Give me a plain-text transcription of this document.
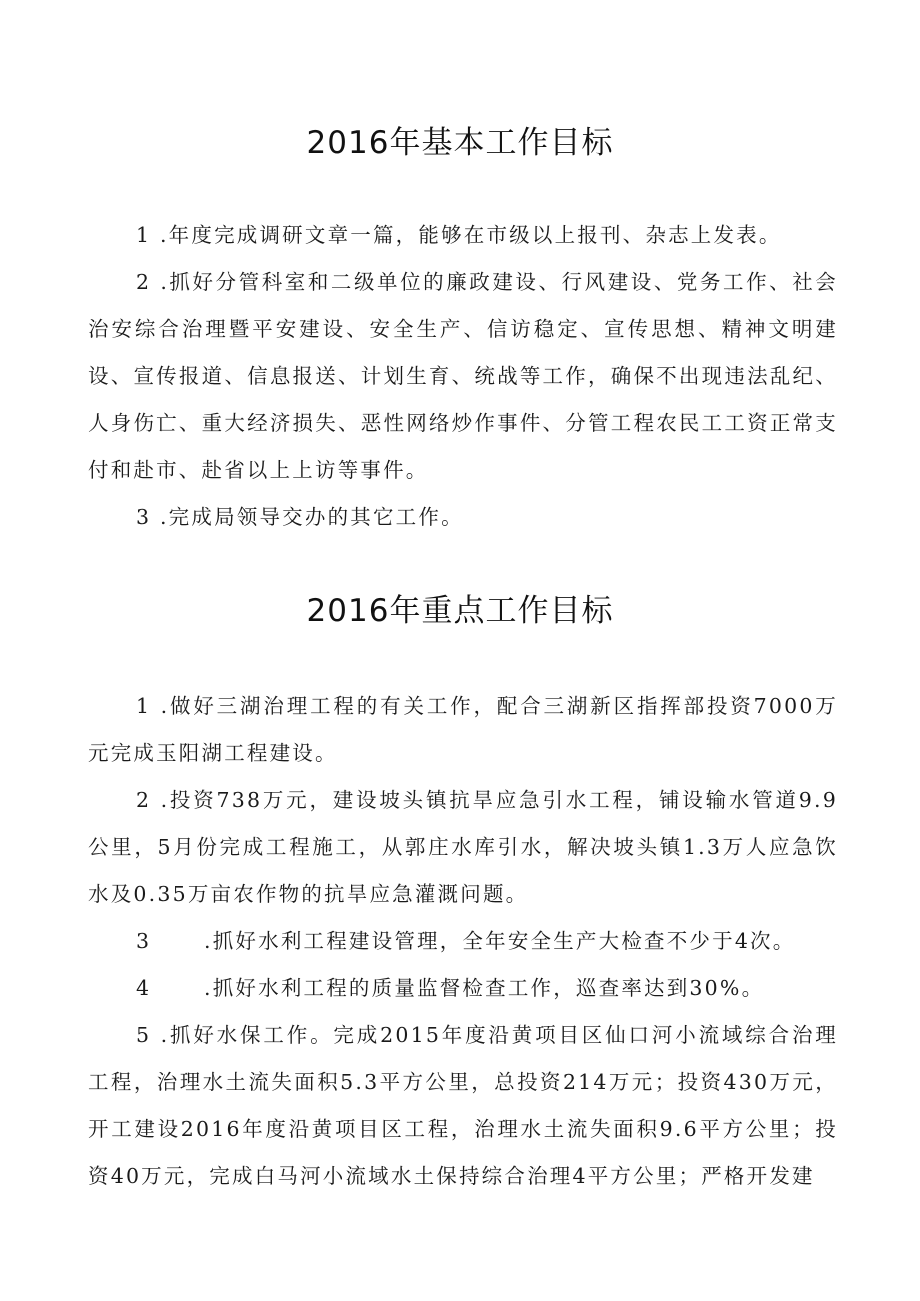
2016年基本工作目标

1 .年度完成调研文章一篇，能够在市级以上报刊、杂志上发表。

2 .抓好分管科室和二级单位的廉政建设、行风建设、党务工作、社会治安综合治理暨平安建设、安全生产、信访稳定、宣传思想、精神文明建设、宣传报道、信息报送、计划生育、统战等工作，确保不出现违法乱纪、人身伤亡、重大经济损失、恶性网络炒作事件、分管工程农民工工资正常支付和赴市、赴省以上上访等事件。

3 .完成局领导交办的其它工作。

2016年重点工作目标

1 .做好三湖治理工程的有关工作，配合三湖新区指挥部投资7000万元完成玉阳湖工程建设。

2 .投资738万元，建设坡头镇抗旱应急引水工程，铺设输水管道9.9公里，5月份完成工程施工，从郭庄水库引水，解决坡头镇1.3万人应急饮水及0.35万亩农作物的抗旱应急灌溉问题。

3	.抓好水利工程建设管理，全年安全生产大检查不少于4次。

4	.抓好水利工程的质量监督检查工作，巡查率达到30%。

5 .抓好水保工作。完成2015年度沿黄项目区仙口河小流域综合治理工程，治理水土流失面积5.3平方公里，总投资214万元；投资430万元，开工建设2016年度沿黄项目区工程，治理水土流失面积9.6平方公里；投资40万元，完成白马河小流域水土保持综合治理4平方公里；严格开发建
